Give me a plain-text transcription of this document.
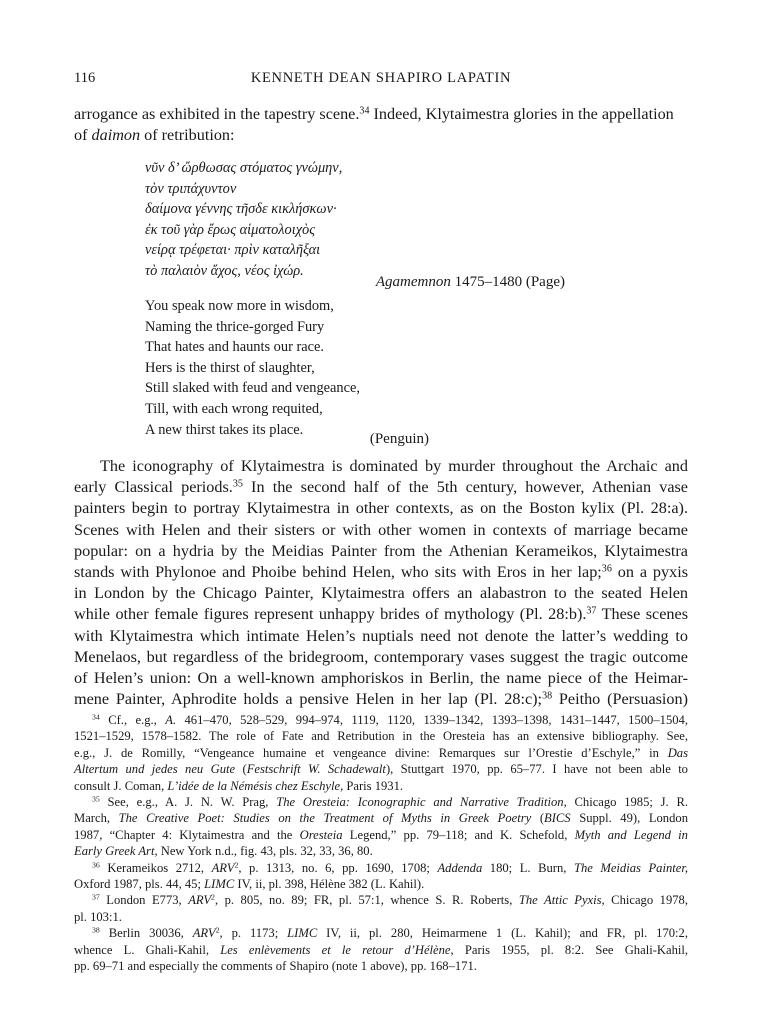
116	KENNETH DEAN SHAPIRO LAPATIN
arrogance as exhibited in the tapestry scene.$^{34}$ Indeed, Klytaimestra glories in the appellation
of daimon of retribution:
νῦν δ’ ὤρθωσας στόματος γνώμην,
τὸν τριπάχυντον
δαίμονα γέννης τῆσδε κικλήσκων·
ἐκ τοῦ γὰρ ἔρως αἱματολοιχὸς
νείρᾳ τρέφεται· πρὶν καταλῆξαι
τὸ παλαιὸν ἄχος, νέος ἰχώρ.
Agamemnon 1475–1480 (Page)
You speak now more in wisdom,
Naming the thrice-gorged Fury
That hates and haunts our race.
Hers is the thirst of slaughter,
Still slaked with feud and vengeance,
Till, with each wrong requited,
A new thirst takes its place.
(Penguin)
The iconography of Klytaimestra is dominated by murder throughout the Archaic and
early Classical periods.$^{35}$ In the second half of the 5th century, however, Athenian vase
painters begin to portray Klytaimestra in other contexts, as on the Boston kylix (Pl. 28:a).
Scenes with Helen and their sisters or with other women in contexts of marriage became
popular: on a hydria by the Meidias Painter from the Athenian Kerameikos, Klytaimestra
stands with Phylonoe and Phoibe behind Helen, who sits with Eros in her lap;$^{36}$ on a pyxis
in London by the Chicago Painter, Klytaimestra offers an alabastron to the seated Helen
while other female figures represent unhappy brides of mythology (Pl. 28:b).$^{37}$ These scenes
with Klytaimestra which intimate Helen’s nuptials need not denote the latter’s wedding to
Menelaos, but regardless of the bridegroom, contemporary vases suggest the tragic outcome
of Helen’s union: On a well-known amphoriskos in Berlin, the name piece of the Heimar-
mene Painter, Aphrodite holds a pensive Helen in her lap (Pl. 28:c);$^{38}$ Peitho (Persuasion)
$^{34}$ Cf., e.g., A. 461–470, 528–529, 994–974, 1119, 1120, 1339–1342, 1393–1398, 1431–1447, 1500–1504,
1521–1529, 1578–1582. The role of Fate and Retribution in the Oresteia has an extensive bibliography. See,
e.g., J. de Romilly, “Vengeance humaine et vengeance divine: Remarques sur l’Orestie d’Eschyle,” in Das
Altertum und jedes neu Gute (Festschrift W. Schadewalt), Stuttgart 1970, pp. 65–77. I have not been able to
consult J. Coman, L’idée de la Némésis chez Eschyle, Paris 1931.
$^{35}$ See, e.g., A. J. N. W. Prag, The Oresteia: Iconographic and Narrative Tradition, Chicago 1985; J. R.
March, The Creative Poet: Studies on the Treatment of Myths in Greek Poetry (BICS Suppl. 49), London
1987, “Chapter 4: Klytaimestra and the Oresteia Legend,” pp. 79–118; and K. Schefold, Myth and Legend in
Early Greek Art, New York n.d., fig. 43, pls. 32, 33, 36, 80.
$^{36}$ Kerameikos 2712, ARV$^2$, p. 1313, no. 6, pp. 1690, 1708; Addenda 180; L. Burn, The Meidias Painter,
Oxford 1987, pls. 44, 45; LIMC IV, ii, pl. 398, Hélène 382 (L. Kahil).
$^{37}$ London E773, ARV$^2$, p. 805, no. 89; FR, pl. 57:1, whence S. R. Roberts, The Attic Pyxis, Chicago 1978,
pl. 103:1.
$^{38}$ Berlin 30036, ARV$^2$, p. 1173; LIMC IV, ii, pl. 280, Heimarmene 1 (L. Kahil); and FR, pl. 170:2,
whence L. Ghali-Kahil, Les enlèvements et le retour d’Hélène, Paris 1955, pl. 8:2. See Ghali-Kahil,
pp. 69–71 and especially the comments of Shapiro (note 1 above), pp. 168–171.
